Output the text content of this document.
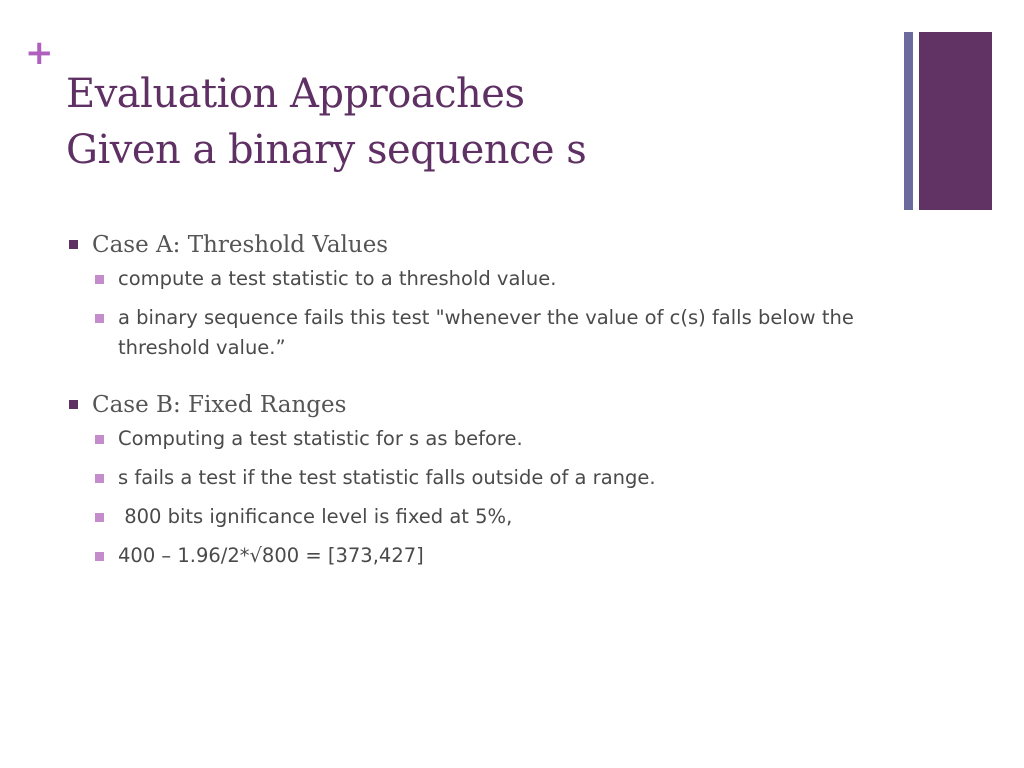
+
Evaluation Approaches
Given a binary sequence s
Case A: Threshold Values
compute a test statistic to a threshold value.
a binary sequence fails this test "whenever the value of c(s) falls below the threshold value.”
Case B: Fixed Ranges
Computing a test statistic for s as before.
s fails a test if the test statistic falls outside of a range.
800 bits ignificance level is fixed at 5%,
400 – 1.96/2*√800 = [373,427]
